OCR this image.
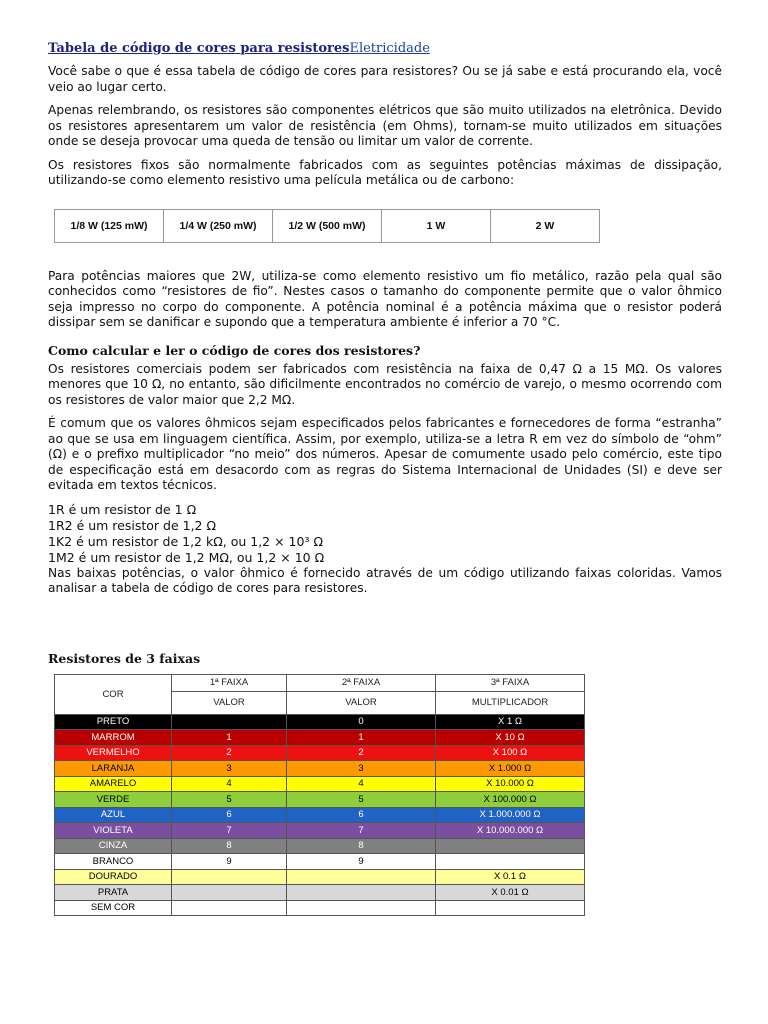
Tabela de código de cores para resistoresEletricidade

Você sabe o que é essa tabela de código de cores para resistores? Ou se já sabe e está procurando ela, você veio ao lugar certo.

Apenas relembrando, os resistores são componentes elétricos que são muito utilizados na eletrônica. Devido os resistores apresentarem um valor de resistência (em Ohms), tornam-se muito utilizados em situações onde se deseja provocar uma queda de tensão ou limitar um valor de corrente.

Os resistores fixos são normalmente fabricados com as seguintes potências máximas de dissipação, utilizando-se como elemento resistivo uma película metálica ou de carbono:

1/8 W (125 mW)	1/4 W (250 mW)	1/2 W (500 mW)	1 W	2 W

Para potências maiores que 2W, utiliza-se como elemento resistivo um fio metálico, razão pela qual são conhecidos como “resistores de fio”. Nestes casos o tamanho do componente permite que o valor ôhmico seja impresso no corpo do componente. A potência nominal é a potência máxima que o resistor poderá dissipar sem se danificar e supondo que a temperatura ambiente é inferior a 70 °C.

Como calcular e ler o código de cores dos resistores?

Os resistores comerciais podem ser fabricados com resistência na faixa de 0,47 Ω a 15 MΩ. Os valores menores que 10 Ω, no entanto, são dificilmente encontrados no comércio de varejo, o mesmo ocorrendo com os resistores de valor maior que 2,2 MΩ.

É comum que os valores ôhmicos sejam especificados pelos fabricantes e fornecedores de forma “estranha” ao que se usa em linguagem científica. Assim, por exemplo, utiliza-se a letra R em vez do símbolo de “ohm” (Ω) e o prefixo multiplicador “no meio” dos números. Apesar de comumente usado pelo comércio, este tipo de especificação está em desacordo com as regras do Sistema Internacional de Unidades (SI) e deve ser evitada em textos técnicos.

1R é um resistor de 1 Ω
1R2 é um resistor de 1,2 Ω
1K2 é um resistor de 1,2 kΩ, ou 1,2 × 10³ Ω
1M2 é um resistor de 1,2 MΩ, ou 1,2 × 10 Ω

Nas baixas potências, o valor ôhmico é fornecido através de um código utilizando faixas coloridas. Vamos analisar a tabela de código de cores para resistores.

Resistores de 3 faixas
COR	1ª FAIXA	2ª FAIXA	3ª FAIXA
	VALOR	VALOR	MULTIPLICADOR
PRETO		0	X 1 Ω
MARROM	1	1	X 10 Ω
VERMELHO	2	2	X 100 Ω
LARANJA	3	3	X 1.000 Ω
AMARELO	4	4	X 10.000 Ω
VERDE	5	5	X 100.000 Ω
AZUL	6	6	X 1.000.000 Ω
VIOLETA	7	7	X 10.000.000 Ω
CINZA	8	8	
BRANCO	9	9	
DOURADO			X 0.1 Ω
PRATA			X 0.01 Ω
SEM COR			
